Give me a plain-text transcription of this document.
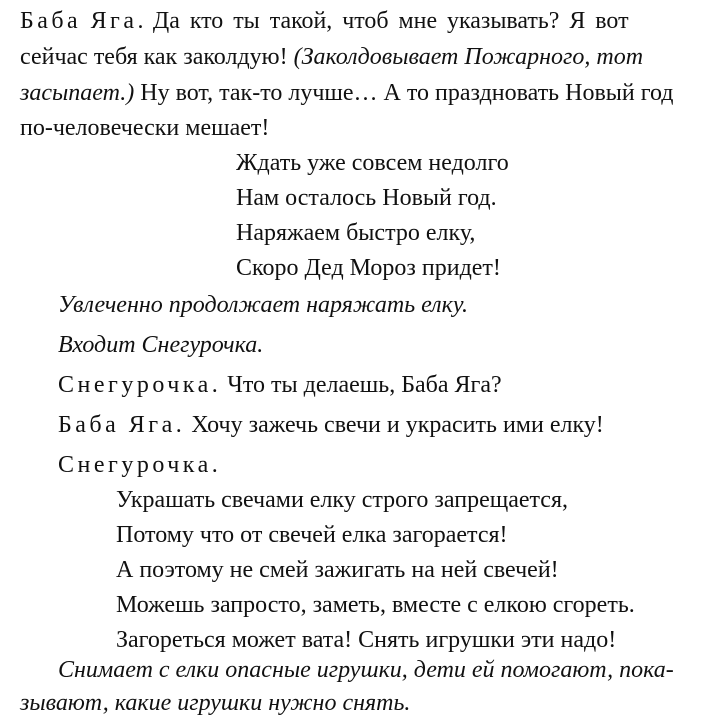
Баба Яга. Да кто ты такой, чтоб мне указывать? Я вот
сейчас тебя как заколдую! (Заколдовывает Пожарного, тот
засыпает.) Ну вот, так-то лучше… А то праздновать Новый год
по-человечески мешает!
Ждать уже совсем недолго
Нам осталось Новый год.
Наряжаем быстро елку,
Скоро Дед Мороз придет!
Увлеченно продолжает наряжать елку.
Входит Снегурочка.
Снегурочка. Что ты делаешь, Баба Яга?
Баба Яга. Хочу зажечь свечи и украсить ими елку!
Снегурочка.
Украшать свечами елку строго запрещается,
Потому что от свечей елка загорается!
А поэтому не смей зажигать на ней свечей!
Можешь запросто, заметь, вместе с елкою сгореть.
Загореться может вата! Снять игрушки эти надо!
Снимает с елки опасные игрушки, дети ей помогают, пока-
зывают, какие игрушки нужно снять.
